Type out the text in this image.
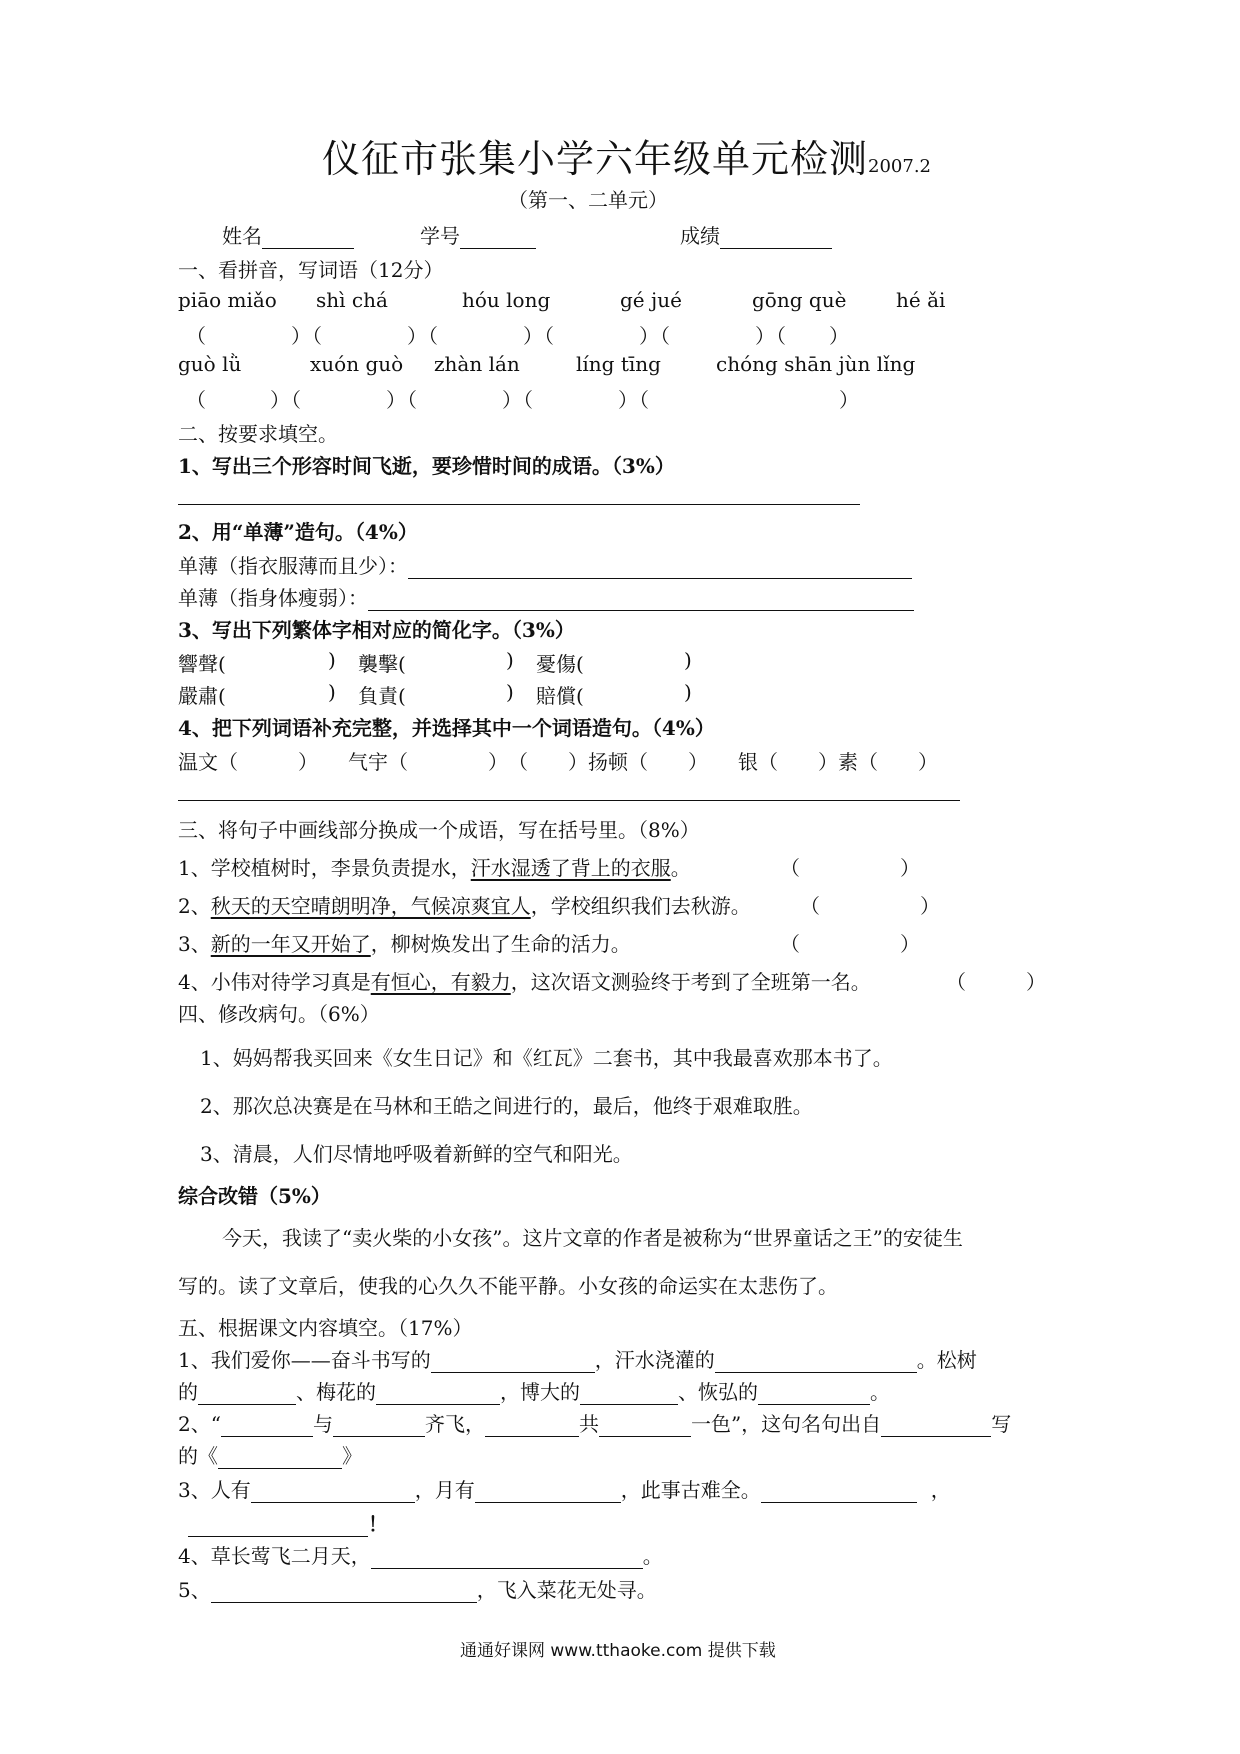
仪征市张集小学六年级单元检测2007.2
（第一、二单元）
姓名	学号	成绩
一、看拼音，写词语（12分）
piāo miǎo shì chá	hóu long	gé jué	gōng què hé ǎi
（　　　　）（　　　　）（　　　　）（　　　　）（　　　　）（　　）
guò lǜ	xuón guò zhàn lán	líng tīng	chóng shān jùn lǐng
（　　　）（　　　　）（　　　　）（　　　　）（　　　　　　　　　）
二、按要求填空。
1、写出三个形容时间飞逝，要珍惜时间的成语。（3%）
2、用“单薄”造句。（4%）
单薄（指衣服薄而且少）：
单薄（指身体瘦弱）：
3、写出下列繁体字相对应的简化字。（3%）
響聲(	) 襲擊(	) 憂傷(	)
嚴肅(	) 負責(	) 賠償(	)
4、把下列词语补充完整，并选择其中一个词语造句。（4%）
温文（　　　）　　气宇（　　　　）　（　　）扬顿（　　）　　银（　　）素（　　）
三、将句子中画线部分换成一个成语，写在括号里。（8%）
1、学校植树时，李景负责提水，汗水湿透了背上的衣服。	（　　　　　）
2、秋天的天空晴朗明净，气候凉爽宜人，学校组织我们去秋游。 （　　　　　）
3、新的一年又开始了，柳树焕发出了生命的活力。	（　　　　　）
4、小伟对待学习真是有恒心，有毅力，这次语文测验终于考到了全班第一名。	（　　　）
四、修改病句。（6%）
1、妈妈帮我买回来《女生日记》和《红瓦》二套书，其中我最喜欢那本书了。
2、那次总决赛是在马林和王皓之间进行的，最后，他终于艰难取胜。
3、清晨，人们尽情地呼吸着新鲜的空气和阳光。
综合改错（5%）
今天，我读了“卖火柴的小女孩”。这片文章的作者是被称为“世界童话之王”的安徒生
写的。读了文章后，使我的心久久不能平静。小女孩的命运实在太悲伤了。
五、根据课文内容填空。（17%）
1、我们爱你——奋斗书写的	，汗水浇灌的	。松树
的	、梅花的	，博大的	、恢弘的	。
2、“	与	齐飞，	共	一色”，这句名句出自	写
的《	》
3、人有	，月有	，此事古难全。	，
！
4、草长莺飞二月天，	。
5、	，飞入菜花无处寻。
通通好课网 www.tthaoke.com 提供下载
